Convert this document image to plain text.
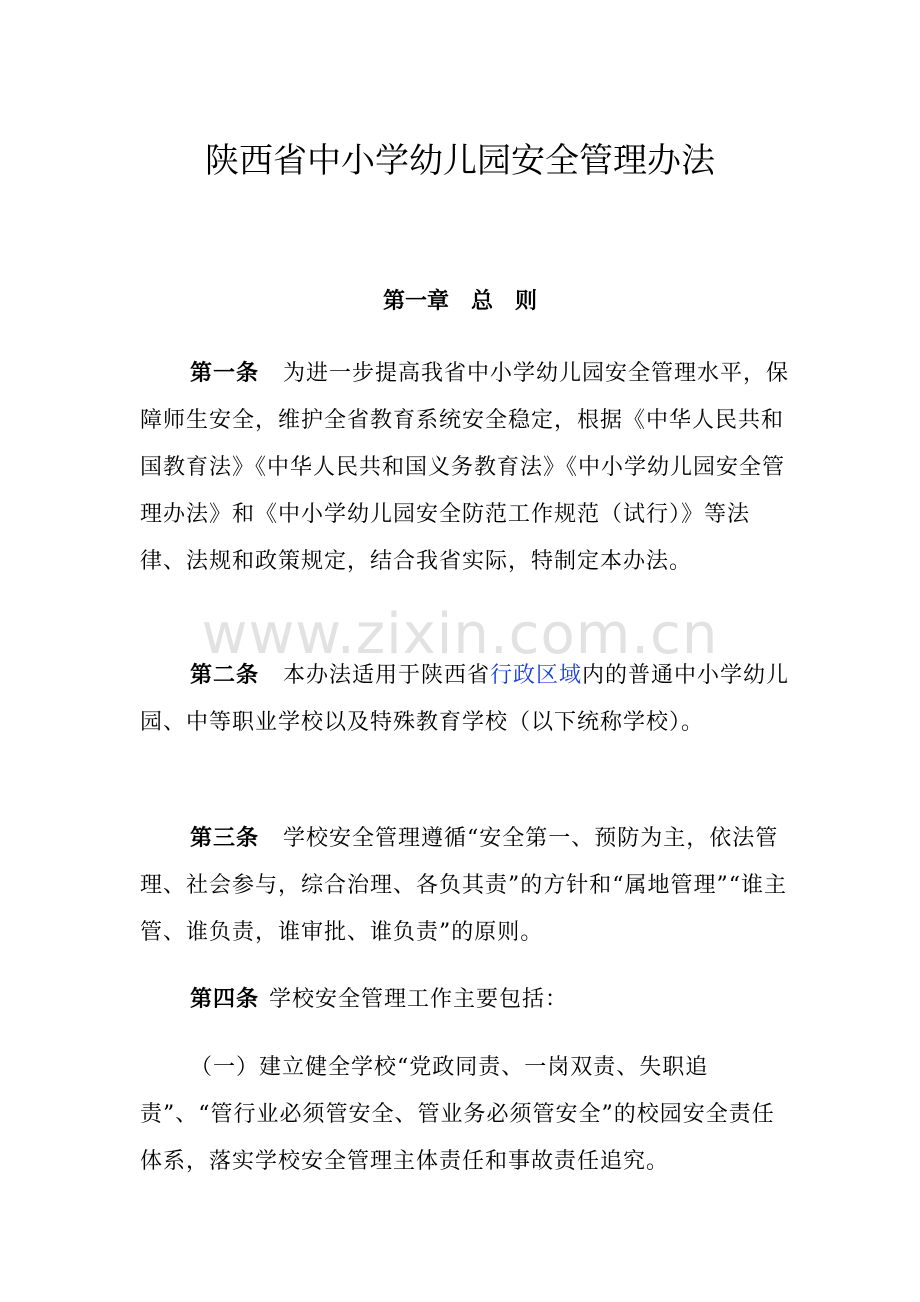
www.zixin.com.cn
陕西省中小学幼儿园安全管理办法
第一章　总　则

第一条 为进一步提高我省中小学幼儿园安全管理水平，保障师生安全，维护全省教育系统安全稳定，根据《中华人民共和国教育法》《中华人民共和国义务教育法》《中小学幼儿园安全管理办法》和《中小学幼儿园安全防范工作规范（试行）》等法律、法规和政策规定，结合我省实际，特制定本办法。

第二条 本办法适用于陕西省行政区域内的普通中小学幼儿园、中等职业学校以及特殊教育学校（以下统称学校）。

第三条 学校安全管理遵循“安全第一、预防为主，依法管理、社会参与，综合治理、各负其责”的方针和“属地管理”“谁主管、谁负责，谁审批、谁负责”的原则。

第四条 学校安全管理工作主要包括：

（一）建立健全学校“党政同责、一岗双责、失职追责”、“管行业必须管安全、管业务必须管安全”的校园安全责任体系，落实学校安全管理主体责任和事故责任追究。
